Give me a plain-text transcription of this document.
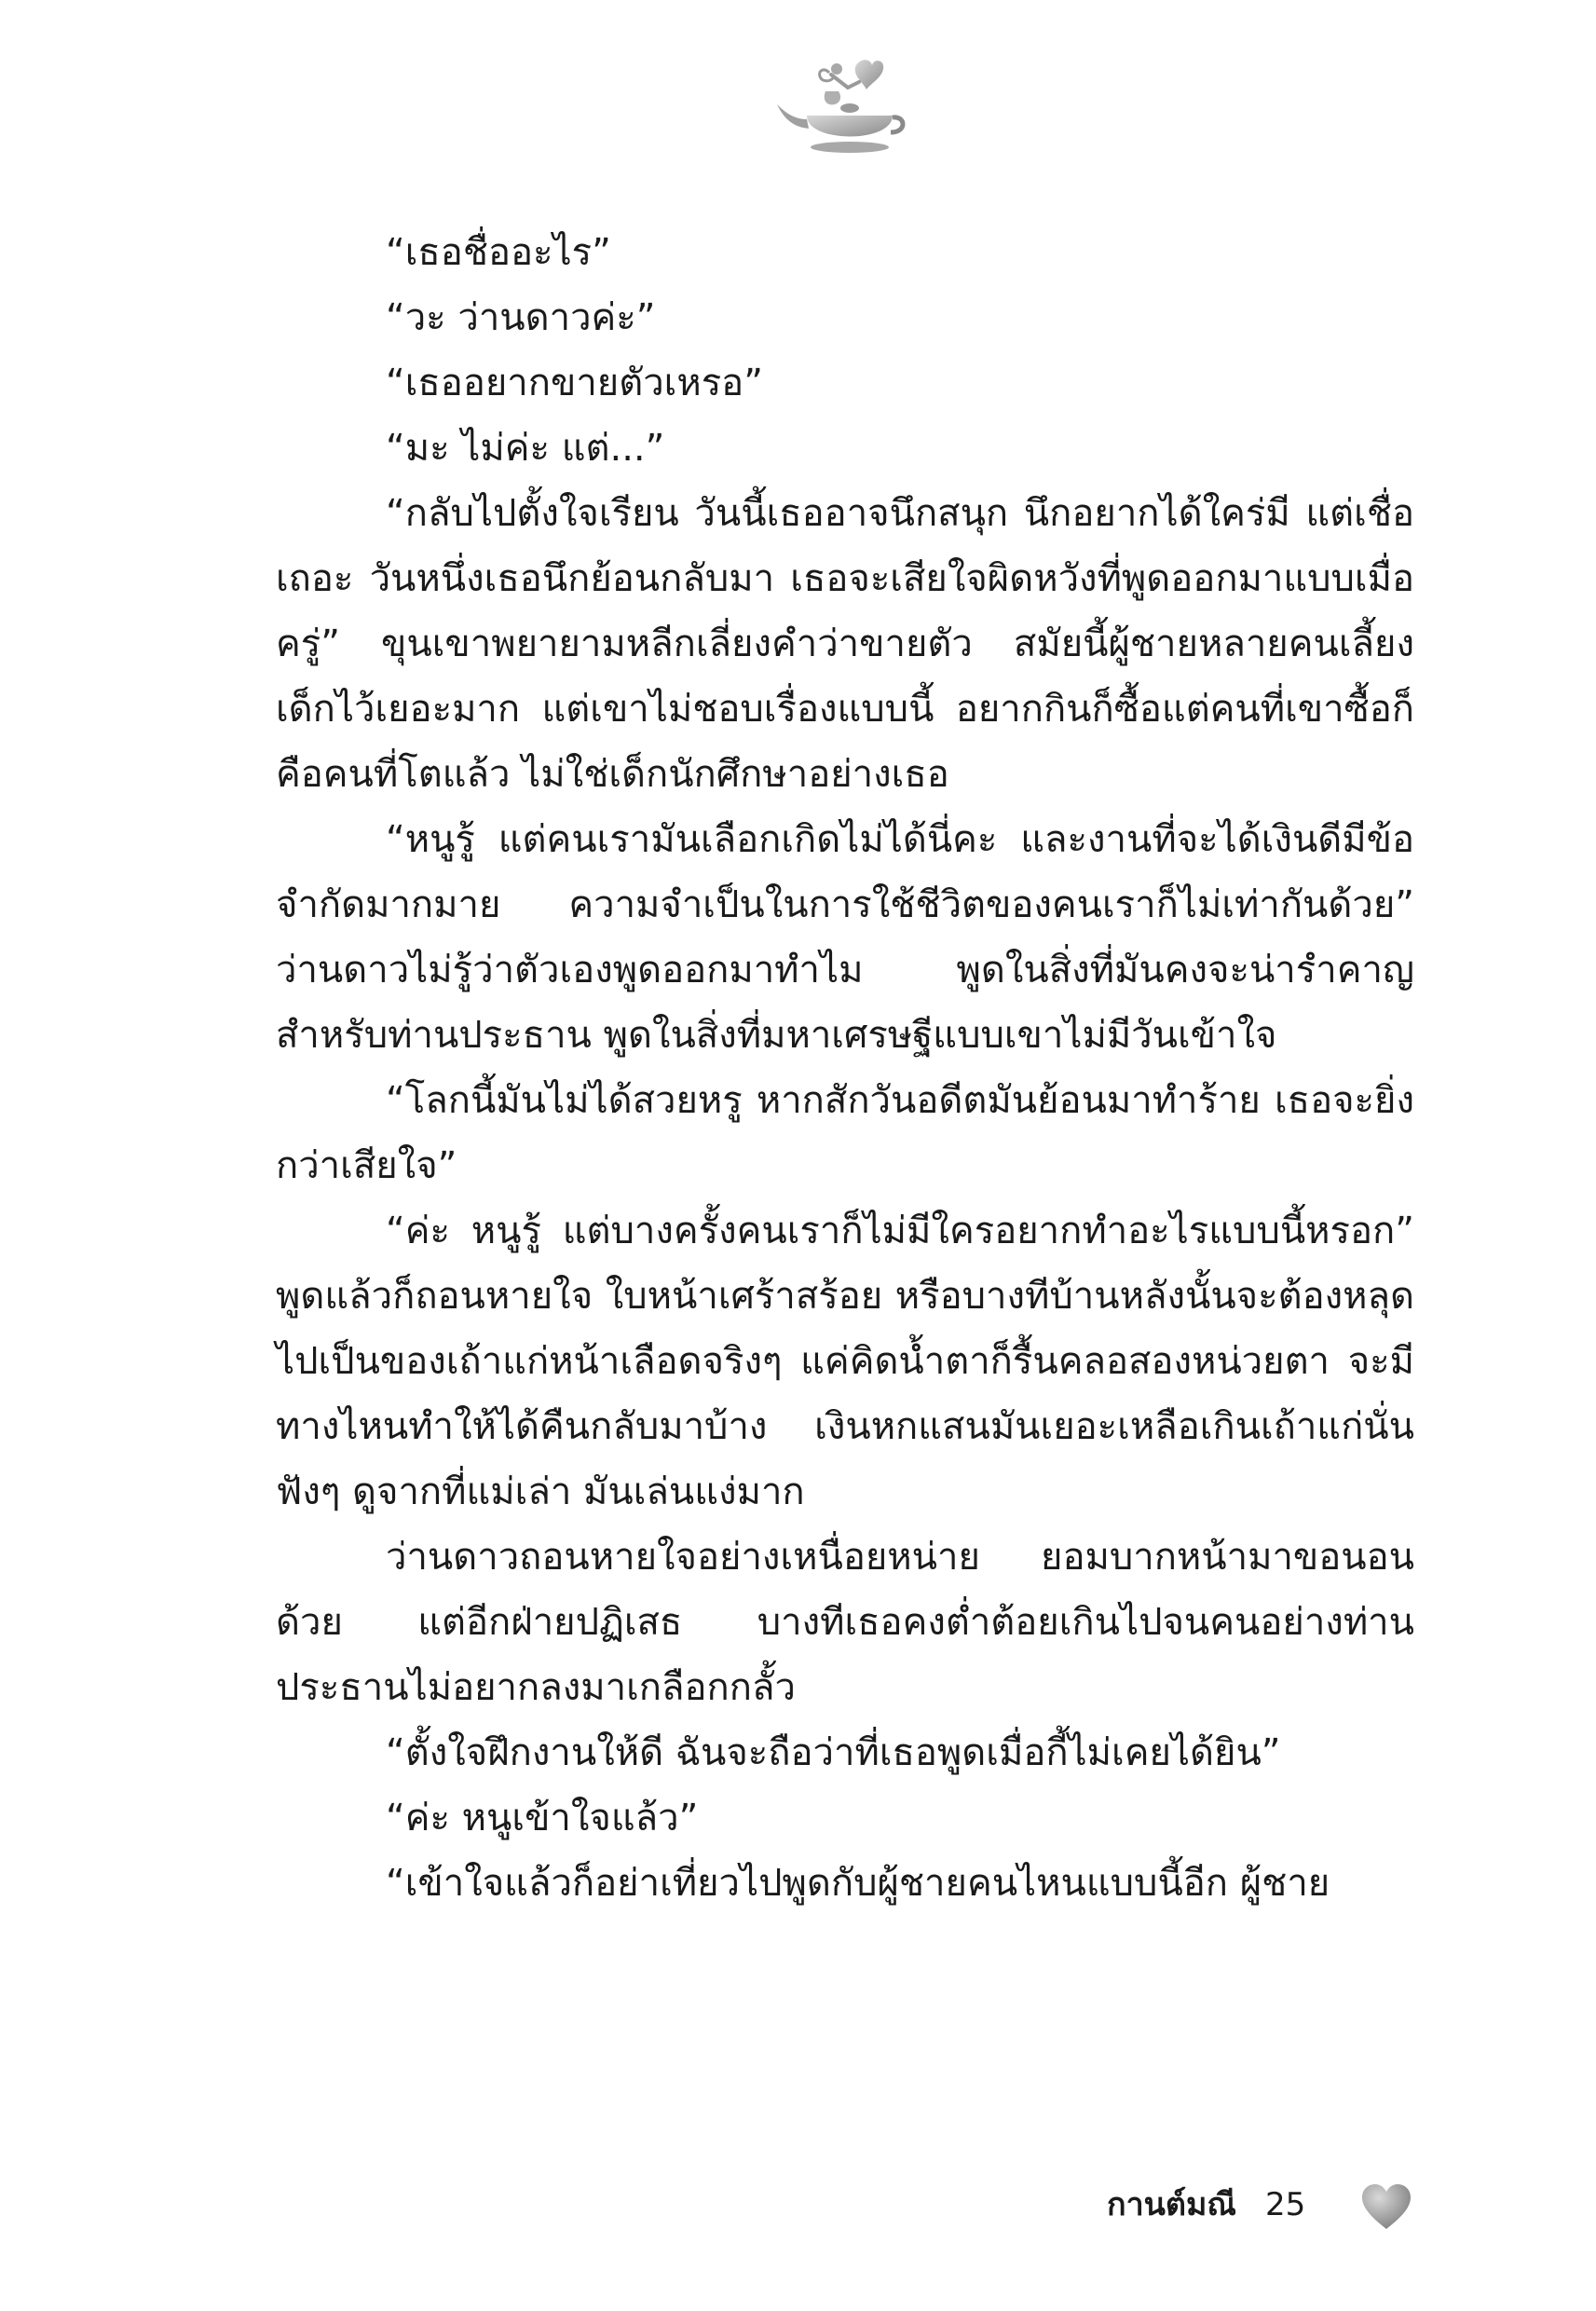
“เธอชื่ออะไร”

“วะ ว่านดาวค่ะ”

“เธออยากขายตัวเหรอ”

“มะ ไม่ค่ะ แต่...”

“กลับไปตั้งใจเรียน วันนี้เธออาจนึกสนุก นึกอยากได้ใคร่มี แต่เชื่อเถอะ วันหนึ่งเธอนึกย้อนกลับมา เธอจะเสียใจผิดหวังที่พูดออกมาแบบเมื่อครู่” ขุนเขาพยายามหลีกเลี่ยงคำว่าขายตัว สมัยนี้ผู้ชายหลายคนเลี้ยงเด็กไว้เยอะมาก แต่เขาไม่ชอบเรื่องแบบนี้ อยากกินก็ซื้อแต่คนที่เขาซื้อก็คือคนที่โตแล้ว ไม่ใช่เด็กนักศึกษาอย่างเธอ

“หนูรู้ แต่คนเรามันเลือกเกิดไม่ได้นี่คะ และงานที่จะได้เงินดีมีข้อจำกัดมากมาย ความจำเป็นในการใช้ชีวิตของคนเราก็ไม่เท่ากันด้วย” ว่านดาวไม่รู้ว่าตัวเองพูดออกมาทำไม พูดในสิ่งที่มันคงจะน่ารำคาญสำหรับท่านประธาน พูดในสิ่งที่มหาเศรษฐีแบบเขาไม่มีวันเข้าใจ

“โลกนี้มันไม่ได้สวยหรู หากสักวันอดีตมันย้อนมาทำร้าย เธอจะยิ่งกว่าเสียใจ”

“ค่ะ หนูรู้ แต่บางครั้งคนเราก็ไม่มีใครอยากทำอะไรแบบนี้หรอก” พูดแล้วก็ถอนหายใจ ใบหน้าเศร้าสร้อย หรือบางทีบ้านหลังนั้นจะต้องหลุดไปเป็นของเถ้าแก่หน้าเลือดจริงๆ แค่คิดน้ำตาก็รื้นคลอสองหน่วยตา จะมีทางไหนทำให้ได้คืนกลับมาบ้าง เงินหกแสนมันเยอะเหลือเกินเถ้าแก่นั่นฟังๆ ดูจากที่แม่เล่า มันเล่นแง่มาก

ว่านดาวถอนหายใจอย่างเหนื่อยหน่าย ยอมบากหน้ามาขอนอนด้วย แต่อีกฝ่ายปฏิเสธ บางทีเธอคงต่ำต้อยเกินไปจนคนอย่างท่านประธานไม่อยากลงมาเกลือกกลั้ว

“ตั้งใจฝึกงานให้ดี ฉันจะถือว่าที่เธอพูดเมื่อกี้ไม่เคยได้ยิน”

“ค่ะ หนูเข้าใจแล้ว”

“เข้าใจแล้วก็อย่าเที่ยวไปพูดกับผู้ชายคนไหนแบบนี้อีก ผู้ชาย

กานต์มณี 25
